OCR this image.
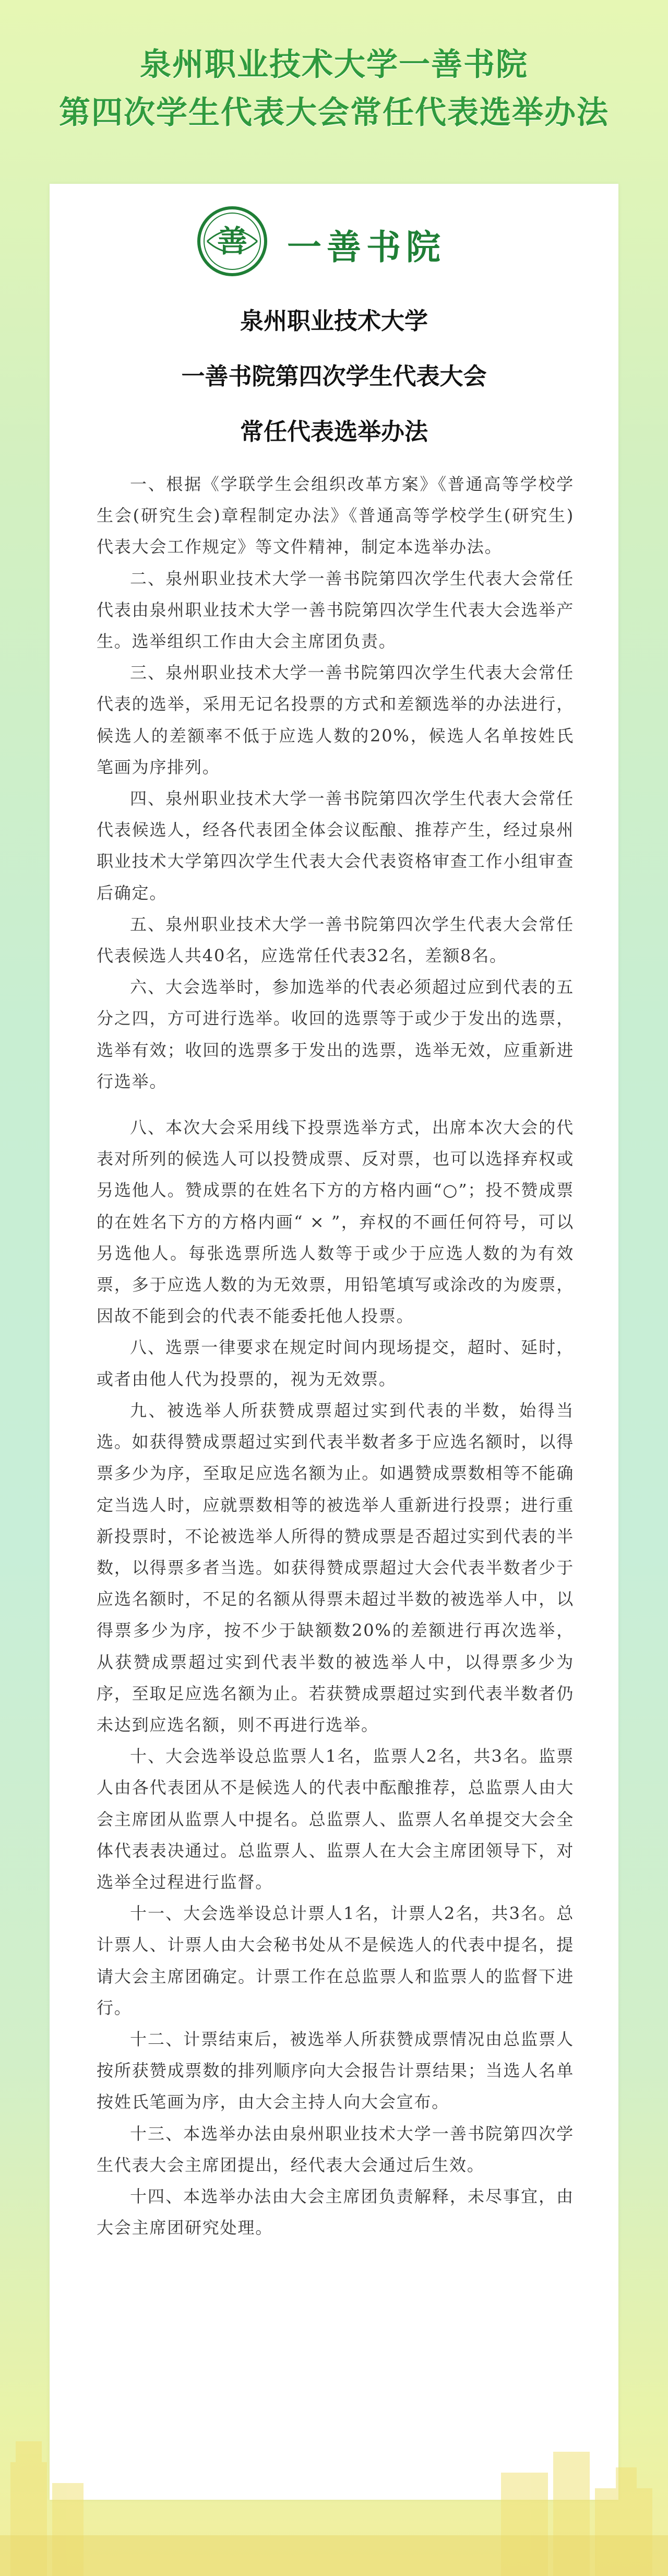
泉州职业技术大学一善书院
第四次学生代表大会常任代表选举办法
善 一善书院
泉州职业技术大学
一善书院第四次学生代表大会
常任代表选举办法

一、根据《学联学生会组织改革方案》《普通高等学校学生会(研究生会)章程制定办法》《普通高等学校学生(研究生)代表大会工作规定》等文件精神，制定本选举办法。

二、泉州职业技术大学一善书院第四次学生代表大会常任代表由泉州职业技术大学一善书院第四次学生代表大会选举产生。选举组织工作由大会主席团负责。

三、泉州职业技术大学一善书院第四次学生代表大会常任代表的选举，采用无记名投票的方式和差额选举的办法进行，候选人的差额率不低于应选人数的20%，候选人名单按姓氏笔画为序排列。

四、泉州职业技术大学一善书院第四次学生代表大会常任代表候选人，经各代表团全体会议酝酿、推荐产生，经过泉州职业技术大学第四次学生代表大会代表资格审查工作小组审查后确定。

五、泉州职业技术大学一善书院第四次学生代表大会常任代表候选人共40名，应选常任代表32名，差额8名。

六、大会选举时，参加选举的代表必须超过应到代表的五分之四，方可进行选举。收回的选票等于或少于发出的选票，选举有效；收回的选票多于发出的选票，选举无效，应重新进行选举。

八、本次大会采用线下投票选举方式，出席本次大会的代表对所列的候选人可以投赞成票、反对票，也可以选择弃权或另选他人。赞成票的在姓名下方的方格内画“○”；投不赞成票的在姓名下方的方格内画“ × ”，弃权的不画任何符号，可以另选他人。每张选票所选人数等于或少于应选人数的为有效票，多于应选人数的为无效票，用铅笔填写或涂改的为废票，因故不能到会的代表不能委托他人投票。

八、选票一律要求在规定时间内现场提交，超时、延时，或者由他人代为投票的，视为无效票。

九、被选举人所获赞成票超过实到代表的半数，始得当选。如获得赞成票超过实到代表半数者多于应选名额时，以得票多少为序，至取足应选名额为止。如遇赞成票数相等不能确定当选人时，应就票数相等的被选举人重新进行投票；进行重新投票时，不论被选举人所得的赞成票是否超过实到代表的半数，以得票多者当选。如获得赞成票超过大会代表半数者少于应选名额时，不足的名额从得票未超过半数的被选举人中，以得票多少为序，按不少于缺额数20%的差额进行再次选举，从获赞成票超过实到代表半数的被选举人中，以得票多少为序，至取足应选名额为止。若获赞成票超过实到代表半数者仍未达到应选名额，则不再进行选举。

十、大会选举设总监票人1名，监票人2名，共3名。监票人由各代表团从不是候选人的代表中酝酿推荐，总监票人由大会主席团从监票人中提名。总监票人、监票人名单提交大会全体代表表决通过。总监票人、监票人在大会主席团领导下，对选举全过程进行监督。

十一、大会选举设总计票人1名，计票人2名，共3名。总计票人、计票人由大会秘书处从不是候选人的代表中提名，提请大会主席团确定。计票工作在总监票人和监票人的监督下进行。

十二、计票结束后，被选举人所获赞成票情况由总监票人按所获赞成票数的排列顺序向大会报告计票结果；当选人名单按姓氏笔画为序，由大会主持人向大会宣布。

十三、本选举办法由泉州职业技术大学一善书院第四次学生代表大会主席团提出，经代表大会通过后生效。

十四、本选举办法由大会主席团负责解释，未尽事宜，由大会主席团研究处理。
